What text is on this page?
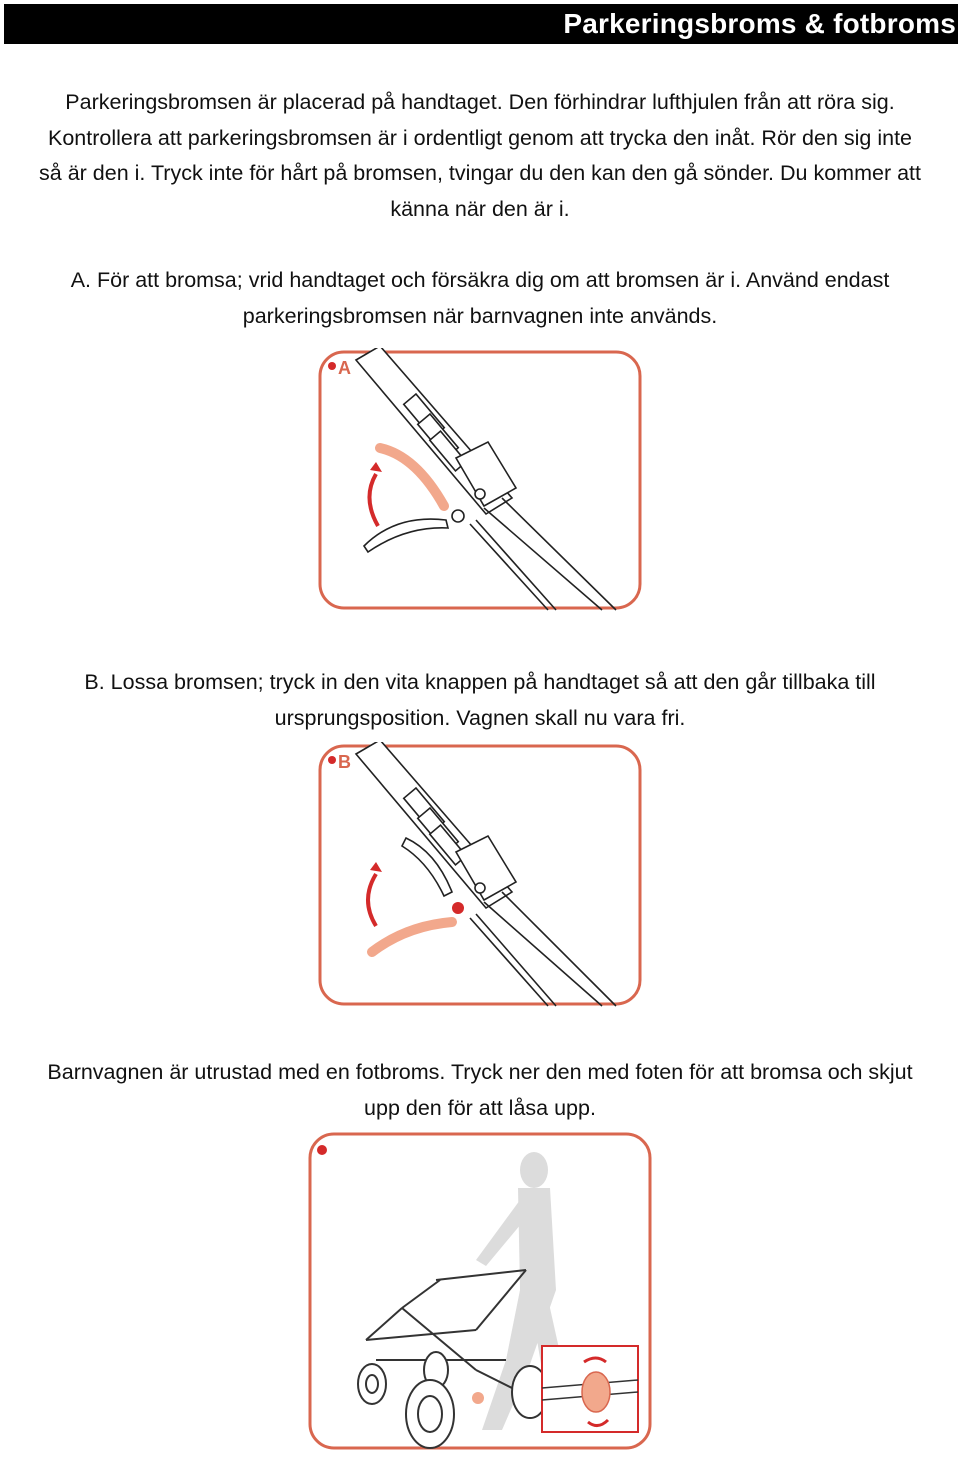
Parkeringsbroms & fotbroms
Parkeringsbromsen är placerad på handtaget. Den förhindrar lufthjulen från att röra sig.
Kontrollera att parkeringsbromsen är i ordentligt genom att trycka den inåt. Rör den sig inte
så är den i. Tryck inte för hårt på bromsen, tvingar du den kan den gå sönder. Du kommer att
känna när den är i.
A. För att bromsa; vrid handtaget och försäkra dig om att bromsen är i. Använd endast
parkeringsbromsen när barnvagnen inte används.
A
B. Lossa bromsen; tryck in den vita knappen på handtaget så att den går tillbaka till
ursprungsposition. Vagnen skall nu vara fri.
B
Barnvagnen är utrustad med en fotbroms. Tryck ner den med foten för att bromsa och skjut
upp den för att låsa upp.
